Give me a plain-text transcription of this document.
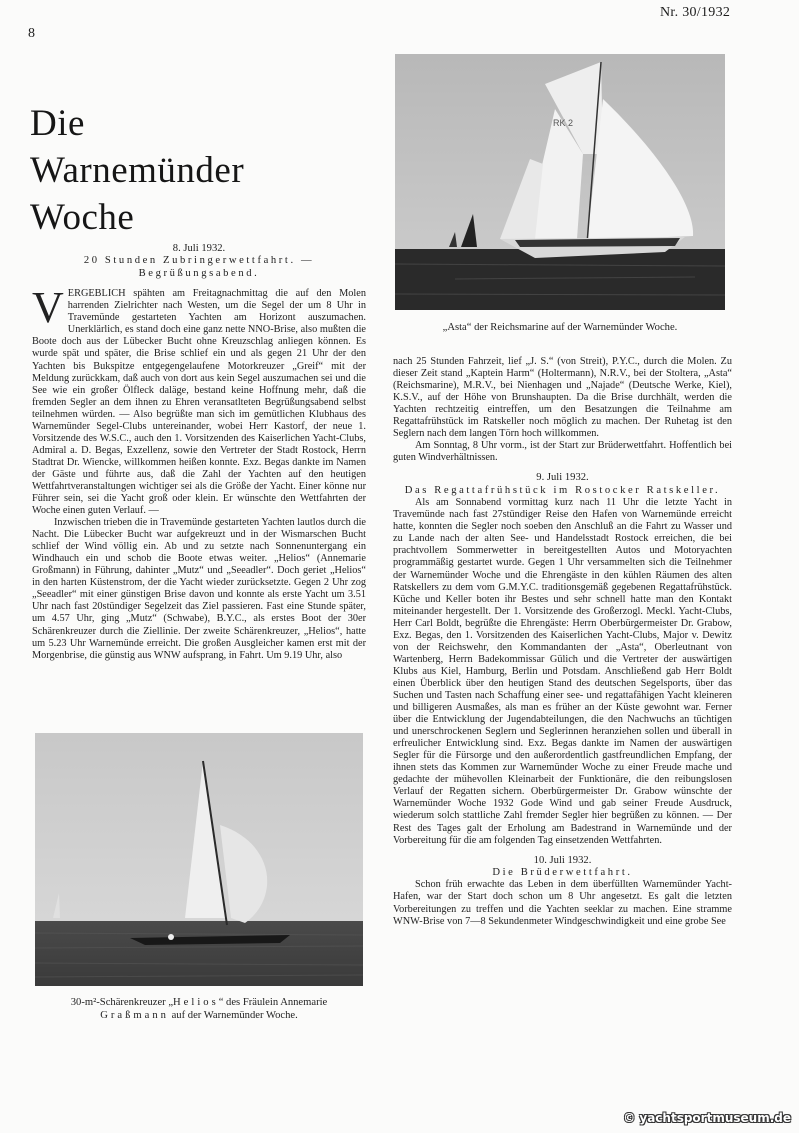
8
Nr. 30/1932
Die
Warnemünder
Woche
8. Juli 1932.
20 Stunden Zubringerwettfahrt. — Begrüßungsabend.

VERGEBLICH spähten am Freitagnachmittag die auf den Molen harrenden Zielrichter nach Westen, um die Segel der um 8 Uhr in Travemünde gestarteten Yachten am Horizont auszumachen. Unerklärlich, es stand doch eine ganz nette NNO-Brise, also mußten die Boote doch aus der Lübecker Bucht ohne Kreuzschlag anliegen können. Es wurde spät und später, die Brise schlief ein und als gegen 21 Uhr der den Yachten bis Bukspitze entgegengelaufene Motorkreuzer „Greif“ mit der Meldung zurückkam, daß auch von dort aus kein Segel auszumachen sei und die See wie ein großer Ölfleck daläge, bestand keine Hoffnung mehr, daß die fremden Segler an dem ihnen zu Ehren veransatlteten Begrüßungsabend selbst teilnehmen würden. — Also begrüßte man sich im gemütlichen Klubhaus des Warnemünder Segel-Clubs untereinander, wobei Herr Kastorf, der neue 1. Vorsitzende des W.S.C., auch den 1. Vorsitzenden des Kaiserlichen Yacht-Clubs, Admiral a. D. Begas, Exzellenz, sowie den Vertreter der Stadt Rostock, Herrn Stadtrat Dr. Wiencke, willkommen heißen konnte. Exz. Begas dankte im Namen der Gäste und führte aus, daß die Zahl der Yachten auf den heutigen Wettfahrtveranstaltungen wichtiger sei als die Größe der Yacht. Einer könne nur Führer sein, sei die Yacht groß oder klein. Er wünschte den Wettfahrten der Woche einen guten Verlauf. —

Inzwischen trieben die in Travemünde gestarteten Yachten lautlos durch die Nacht. Die Lübecker Bucht war aufgekreuzt und in der Wismarschen Bucht schlief der Wind völlig ein. Ab und zu setzte nach Sonnenuntergang ein Windhauch ein und schob die Boote etwas weiter. „Helios“ (Annemarie Großmann) in Führung, dahinter „Mutz“ und „Seeadler“. Doch geriet „Helios“ in den harten Küstenstrom, der die Yacht wieder zurücksetzte. Gegen 2 Uhr zog „Seeadler“ mit einer günstigen Brise davon und konnte als erste Yacht um 3.51 Uhr nach fast 20stündiger Segelzeit das Ziel passieren. Fast eine Stunde später, um 4.57 Uhr, ging „Mutz“ (Schwabe), B.Y.C., als erstes Boot der 30er Schärenkreuzer durch die Ziellinie. Der zweite Schärenkreuzer, „Helios“, hatte um 5.23 Uhr Warnemünde erreicht. Die großen Ausgleicher kamen erst mit der Morgenbrise, die günstig aus WNW aufsprang, in Fahrt. Um 9.19 Uhr, also

30-m²-Schärenkreuzer „Helios“ des Fräulein Annemarie
Graßmann auf der Warnemünder Woche.
RK 2
„Asta“ der Reichsmarine auf der Warnemünder Woche.

nach 25 Stunden Fahrzeit, lief „J. S.“ (von Streit), P.Y.C., durch die Molen. Zu dieser Zeit stand „Kaptein Harm“ (Holtermann), N.R.V., bei der Stoltera, „Asta“ (Reichsmarine), M.R.V., bei Nienhagen und „Najade“ (Deutsche Werke, Kiel), K.S.V., auf der Höhe von Brunshaupten. Da die Brise durchhält, werden die Yachten rechtzeitig eintreffen, um den Besatzungen die Teilnahme am Regattafrühstück im Ratskeller noch möglich zu machen. Der Ruhetag ist den Seglern nach dem langen Törn hoch willkommen.

Am Sonntag, 8 Uhr vorm., ist der Start zur Brüderwettfahrt. Hoffentlich bei guten Windverhältnissen.

9. Juli 1932.
Das Regattafrühstück im Rostocker Ratskeller.

Als am Sonnabend vormittag kurz nach 11 Uhr die letzte Yacht in Travemünde nach fast 27stündiger Reise den Hafen von Warnemünde erreicht hatte, konnten die Segler noch soeben den Anschluß an die Fahrt zu Wasser und zu Lande nach der alten See- und Handelsstadt Rostock erreichen, die bei prachtvollem Sommerwetter in bereitgestellten Autos und Motoryachten programmäßig gestartet wurde. Gegen 1 Uhr versammelten sich die Teilnehmer der Warnemünder Woche und die Ehrengäste in den kühlen Räumen des alten Ratskellers zu dem vom G.M.Y.C. traditionsgemäß gegebenen Regattafrühstück. Küche und Keller boten ihr Bestes und sehr schnell hatte man den Kontakt miteinander hergestellt. Der 1. Vorsitzende des Großerzogl. Meckl. Yacht-Clubs, Herr Carl Boldt, begrüßte die Ehrengäste: Herrn Oberbürgermeister Dr. Grabow, Exz. Begas, den 1. Vorsitzenden des Kaiserlichen Yacht-Clubs, Major v. Dewitz von der Reichswehr, den Kommandanten der „Asta“, Oberleutnant von Wartenberg, Herrn Badekommissar Gülich und die Vertreter der auswärtigen Klubs aus Kiel, Hamburg, Berlin und Potsdam. Anschließend gab Herr Boldt einen Überblick über den heutigen Stand des deutschen Segelsports, über das Suchen und Tasten nach Schaffung einer see- und regattafähigen Yacht kleineren und billigeren Ausmaßes, als man es früher an der Küste gewohnt war. Ferner über die Entwicklung der Jugendabteilungen, die den Nachwuchs an tüchtigen und unerschrockenen Seglern und Seglerinnen heranziehen sollen und überall in erfreulicher Entwicklung sind. Exz. Begas dankte im Namen der auswärtigen Segler für die Fürsorge und den außerordentlich gastfreundlichen Empfang, der ihnen stets das Kommen zur Warnemünder Woche zu einer Freude mache und gedachte der mühevollen Kleinarbeit der Funktionäre, die den reibungslosen Verlauf der Regatten sichern. Oberbürgermeister Dr. Grabow wünschte der Warnemünder Woche 1932 Gode Wind und gab seiner Freude Ausdruck, wiederum solch stattliche Zahl fremder Segler hier begrüßen zu können. — Der Rest des Tages galt der Erholung am Badestrand in Warnemünde und der Vorbereitung für die am folgenden Tag einsetzenden Wettfahrten.

10. Juli 1932.
Die Brüderwettfahrt.

Schon früh erwachte das Leben in dem überfüllten Warnemünder Yacht-Hafen, war der Start doch schon um 8 Uhr angesetzt. Es galt die letzten Vorbereitungen zu treffen und die Yachten seeklar zu machen. Eine stramme WNW-Brise von 7—8 Sekundenmeter Windgeschwindigkeit und eine grobe See

© yachtsportmuseum.de
